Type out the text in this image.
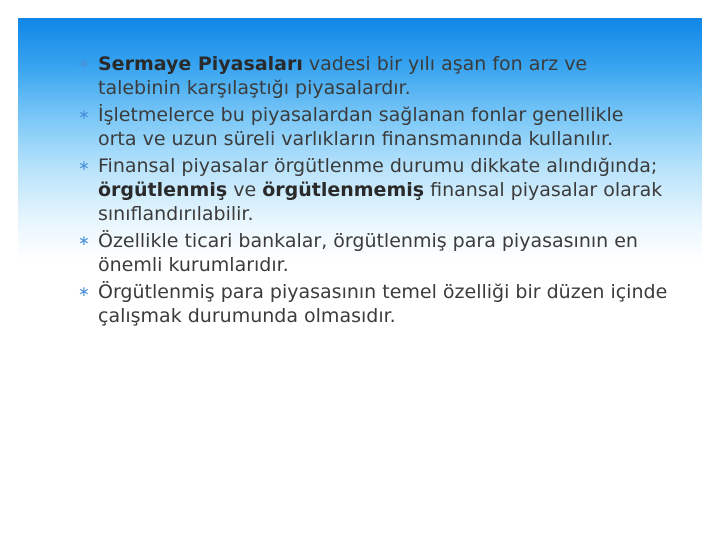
∗ Sermaye Piyasaları vadesi bir yılı aşan fon arz ve talebinin karşılaştığı piyasalardır.
∗ İşletmelerce bu piyasalardan sağlanan fonlar genellikle orta ve uzun süreli varlıkların finansmanında kullanılır.
∗ Finansal piyasalar örgütlenme durumu dikkate alındığında; örgütlenmiş ve örgütlenmemiş finansal piyasalar olarak sınıflandırılabilir.
∗ Özellikle ticari bankalar, örgütlenmiş para piyasasının en önemli kurumlarıdır.
∗ Örgütlenmiş para piyasasının temel özelliği bir düzen içinde çalışmak durumunda olmasıdır.
